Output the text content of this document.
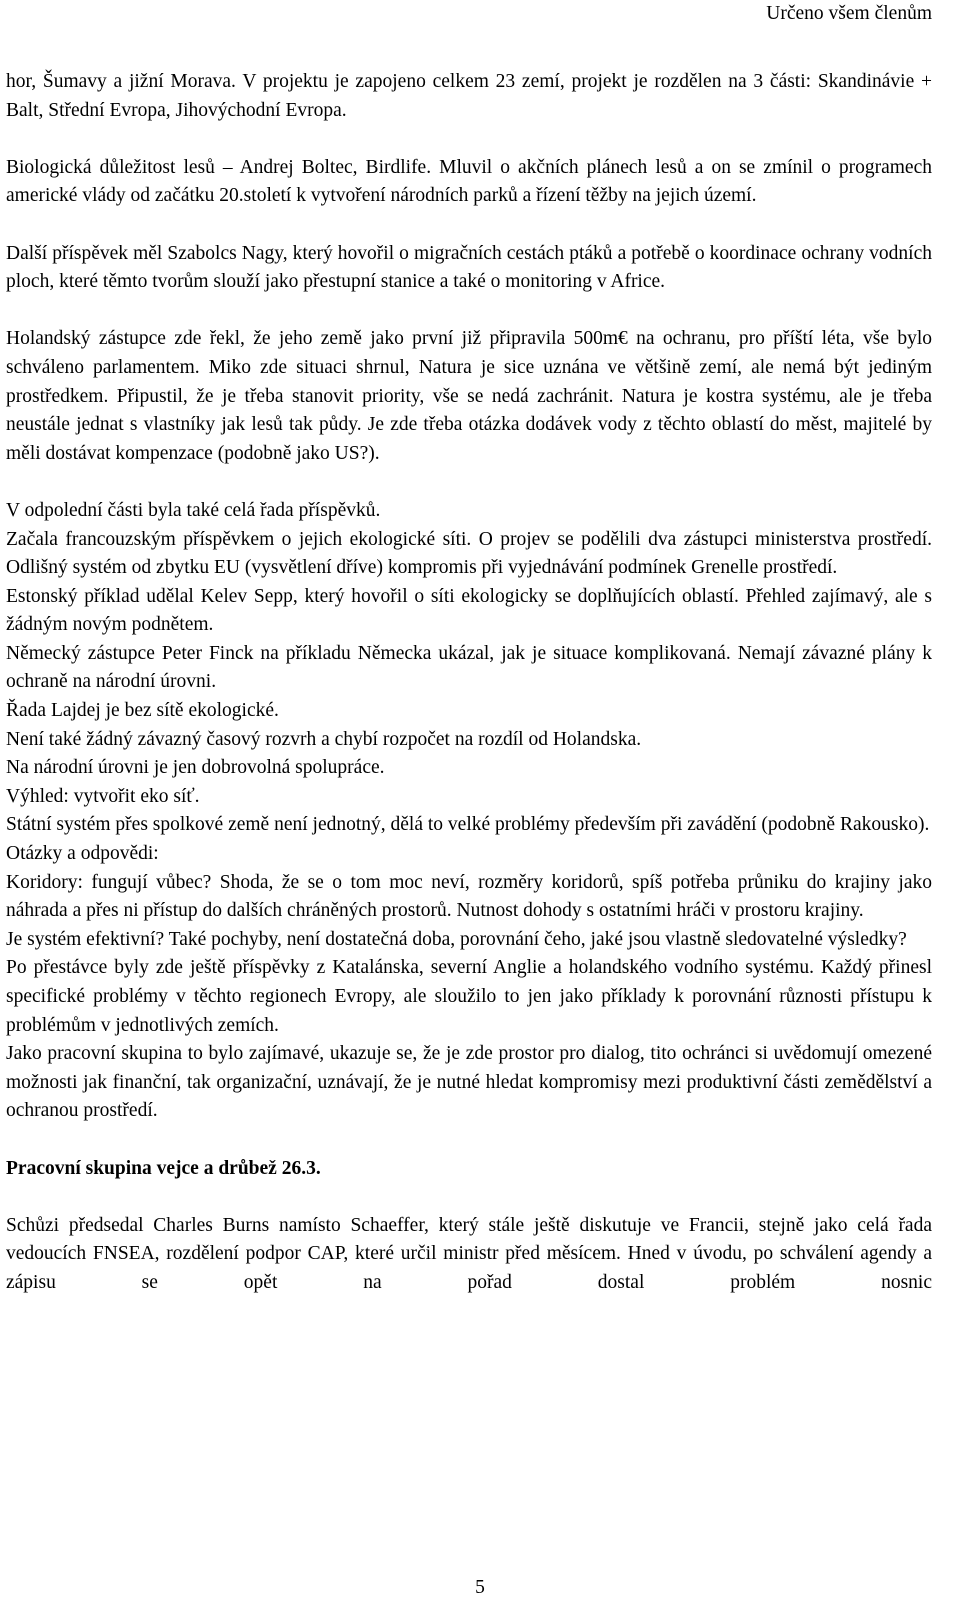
Určeno všem členům

hor, Šumavy a jižní Morava. V projektu je zapojeno celkem 23 zemí, projekt je rozdělen na 3 části: Skandinávie + Balt, Střední Evropa, Jihovýchodní Evropa.

Biologická důležitost lesů – Andrej Boltec, Birdlife. Mluvil o akčních plánech lesů a on se zmínil o programech americké vlády od začátku 20.století k vytvoření národních parků a řízení těžby na jejich území.

Další příspěvek měl Szabolcs Nagy, který hovořil o migračních cestách ptáků a potřebě o koordinace ochrany vodních ploch, které těmto tvorům slouží jako přestupní stanice a také o monitoring v Africe.

Holandský zástupce zde řekl, že jeho země jako první již připravila 500m€ na ochranu, pro příští léta, vše bylo schváleno parlamentem. Miko zde situaci shrnul, Natura je sice uznána ve většině zemí, ale nemá být jediným prostředkem. Připustil, že je třeba stanovit priority, vše se nedá zachránit. Natura je kostra systému, ale je třeba neustále jednat s vlastníky jak lesů tak půdy. Je zde třeba otázka dodávek vody z těchto oblastí do měst, majitelé by měli dostávat kompenzace (podobně jako US?).

V odpolední části byla také celá řada příspěvků.

Začala francouzským příspěvkem o jejich ekologické síti. O projev se podělili dva zástupci ministerstva prostředí. Odlišný systém od zbytku EU (vysvětlení dříve) kompromis při vyjednávání podmínek Grenelle prostředí.

Estonský příklad udělal Kelev Sepp, který hovořil o síti ekologicky se doplňujících oblastí. Přehled zajímavý, ale s žádným novým podnětem.

Německý zástupce Peter Finck na příkladu Německa ukázal, jak je situace komplikovaná. Nemají závazné plány k ochraně na národní úrovni.

Řada Lajdej je bez sítě ekologické.

Není také žádný závazný časový rozvrh a chybí rozpočet na rozdíl od Holandska.

Na národní úrovni je jen dobrovolná spolupráce.

Výhled: vytvořit eko síť.

Státní systém přes spolkové země není jednotný, dělá to velké problémy především při zavádění (podobně Rakousko).

Otázky a odpovědi:

Koridory: fungují vůbec? Shoda, že se o tom moc neví, rozměry koridorů, spíš potřeba průniku do krajiny jako náhrada a přes ni přístup do dalších chráněných prostorů. Nutnost dohody s ostatními hráči v prostoru krajiny.

Je systém efektivní? Také pochyby, není dostatečná doba, porovnání čeho, jaké jsou vlastně sledovatelné výsledky?

Po přestávce byly zde ještě příspěvky z Katalánska, severní Anglie a holandského vodního systému. Každý přinesl specifické problémy v těchto regionech Evropy, ale sloužilo to jen jako příklady k porovnání různosti přístupu k problémům v jednotlivých zemích.

Jako pracovní skupina to bylo zajímavé, ukazuje se, že je zde prostor pro dialog, tito ochránci si uvědomují omezené možnosti jak finanční, tak organizační, uznávají, že je nutné hledat kompromisy mezi produktivní části zemědělství a ochranou prostředí.

Pracovní skupina vejce a drůbež 26.3.

Schůzi předsedal Charles Burns namísto Schaeffer, který stále ještě diskutuje ve Francii, stejně jako celá řada vedoucích FNSEA, rozdělení podpor CAP, které určil ministr před měsícem. Hned v úvodu, po schválení agendy a zápisu se opět na pořad dostal problém nosnic

5
